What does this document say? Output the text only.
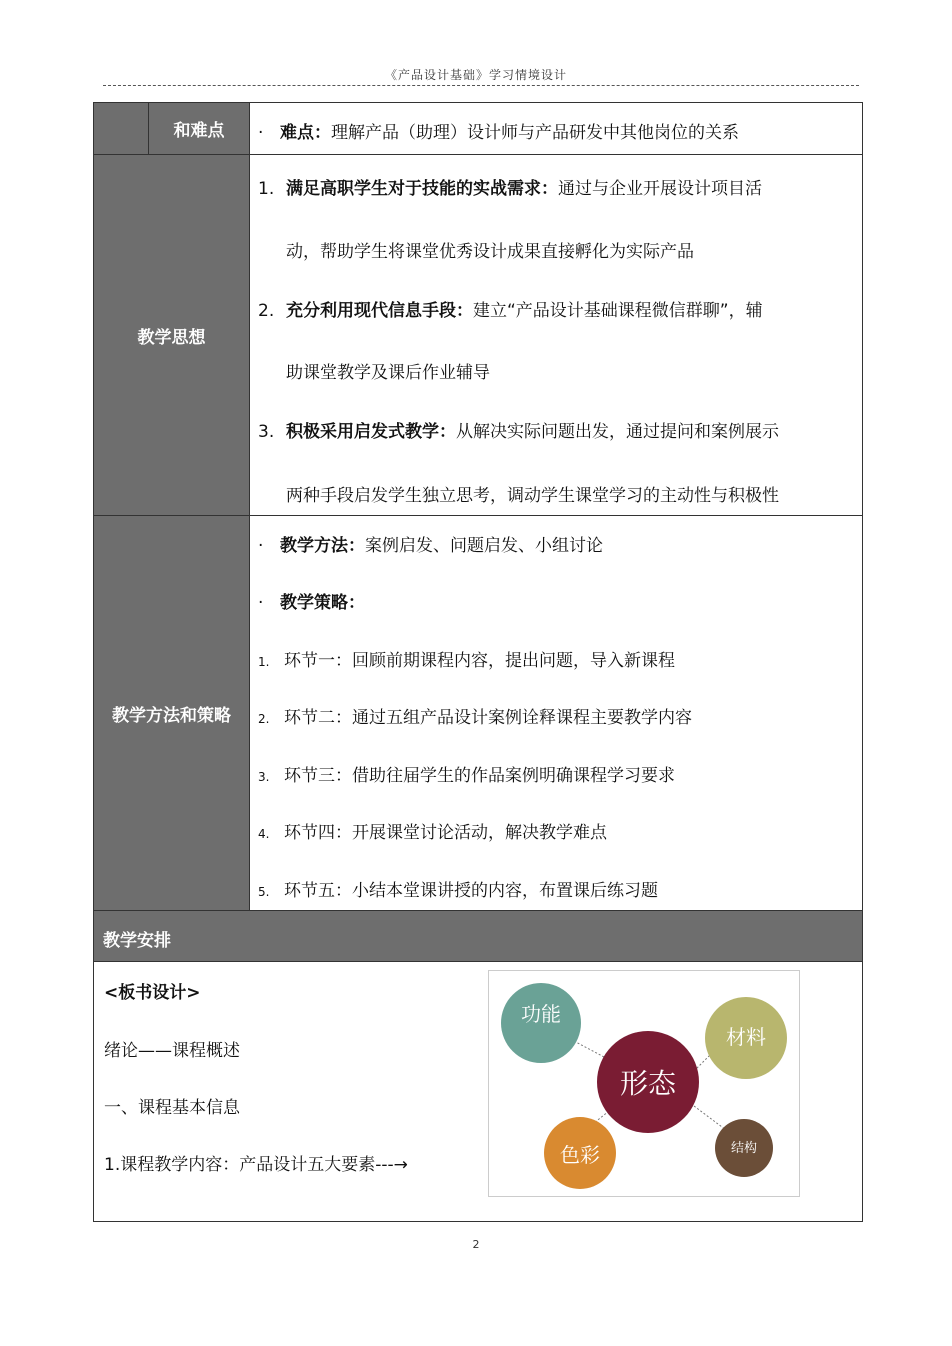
《产品设计基础》学习情境设计
和难点 · 难点：理解产品（助理）设计师与产品研发中其他岗位的关系
教学思想
1. 满足高职学生对于技能的实战需求：通过与企业开展设计项目活
动，帮助学生将课堂优秀设计成果直接孵化为实际产品
2. 充分利用现代信息手段：建立“产品设计基础课程微信群聊”，辅
助课堂教学及课后作业辅导
3. 积极采用启发式教学：从解决实际问题出发，通过提问和案例展示
两种手段启发学生独立思考，调动学生课堂学习的主动性与积极性
教学方法和策略
· 教学方法：案例启发、问题启发、小组讨论
· 教学策略：
1. 环节一：回顾前期课程内容，提出问题，导入新课程
2. 环节二：通过五组产品设计案例诠释课程主要教学内容
3. 环节三：借助往届学生的作品案例明确课程学习要求
4. 环节四：开展课堂讨论活动，解决教学难点
5. 环节五：小结本堂课讲授的内容，布置课后练习题
教学安排
<板书设计>
绪论——课程概述
一、课程基本信息
1.课程教学内容：产品设计五大要素---→
功能
材料
形态
色彩	结构
2
